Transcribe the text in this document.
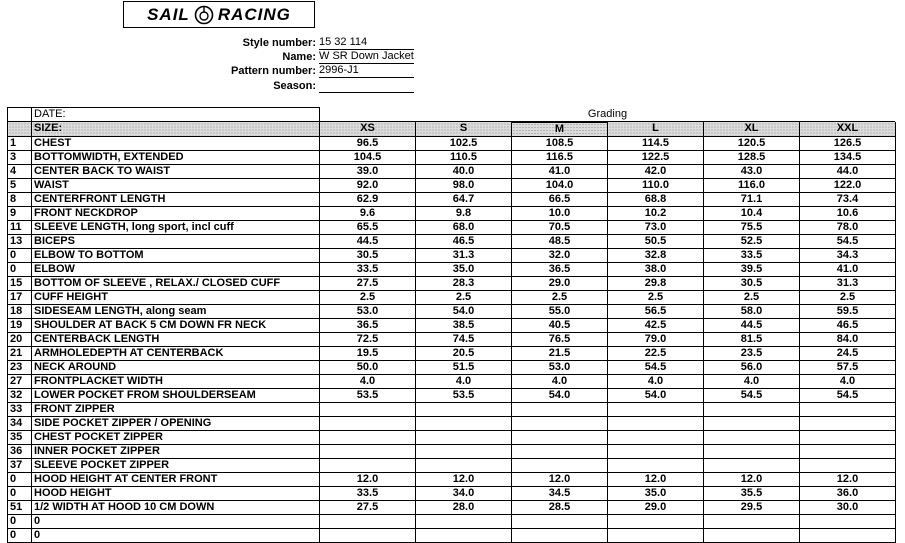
SAIL RACING
Style number: 15 32 114
Name: W SR Down Jacket
Pattern number: 2996-J1
Season:
	DATE:	Grading					
	SIZE:	XS	S	M	L	XL	XXL
1	CHEST	96.5	102.5	108.5	114.5	120.5	126.5
3	BOTTOMWIDTH, EXTENDED	104.5	110.5	116.5	122.5	128.5	134.5
4	CENTER BACK TO WAIST	39.0	40.0	41.0	42.0	43.0	44.0
5	WAIST	92.0	98.0	104.0	110.0	116.0	122.0
8	CENTERFRONT LENGTH	62.9	64.7	66.5	68.8	71.1	73.4
9	FRONT NECKDROP	9.6	9.8	10.0	10.2	10.4	10.6
11	SLEEVE LENGTH, long sport, incl cuff	65.5	68.0	70.5	73.0	75.5	78.0
13	BICEPS	44.5	46.5	48.5	50.5	52.5	54.5
0	ELBOW TO BOTTOM	30.5	31.3	32.0	32.8	33.5	34.3
0	ELBOW	33.5	35.0	36.5	38.0	39.5	41.0
15	BOTTOM OF SLEEVE , RELAX./ CLOSED CUFF	27.5	28.3	29.0	29.8	30.5	31.3
17	CUFF HEIGHT	2.5	2.5	2.5	2.5	2.5	2.5
18	SIDESEAM LENGTH, along seam	53.0	54.0	55.0	56.5	58.0	59.5
19	SHOULDER AT BACK 5 CM DOWN FR NECK	36.5	38.5	40.5	42.5	44.5	46.5
20	CENTERBACK LENGTH	72.5	74.5	76.5	79.0	81.5	84.0
21	ARMHOLEDEPTH AT CENTERBACK	19.5	20.5	21.5	22.5	23.5	24.5
23	NECK AROUND	50.0	51.5	53.0	54.5	56.0	57.5
27	FRONTPLACKET WIDTH	4.0	4.0	4.0	4.0	4.0	4.0
32	LOWER POCKET FROM SHOULDERSEAM	53.5	53.5	54.0	54.0	54.5	54.5
33	FRONT ZIPPER						
34	SIDE POCKET ZIPPER / OPENING						
35	CHEST POCKET ZIPPER						
36	INNER POCKET ZIPPER						
37	SLEEVE POCKET ZIPPER						
0	HOOD HEIGHT AT CENTER FRONT	12.0	12.0	12.0	12.0	12.0	12.0
0	HOOD HEIGHT	33.5	34.0	34.5	35.0	35.5	36.0
51	1/2 WIDTH AT HOOD 10 CM DOWN	27.5	28.0	28.5	29.0	29.5	30.0
0	0						
0	0						
